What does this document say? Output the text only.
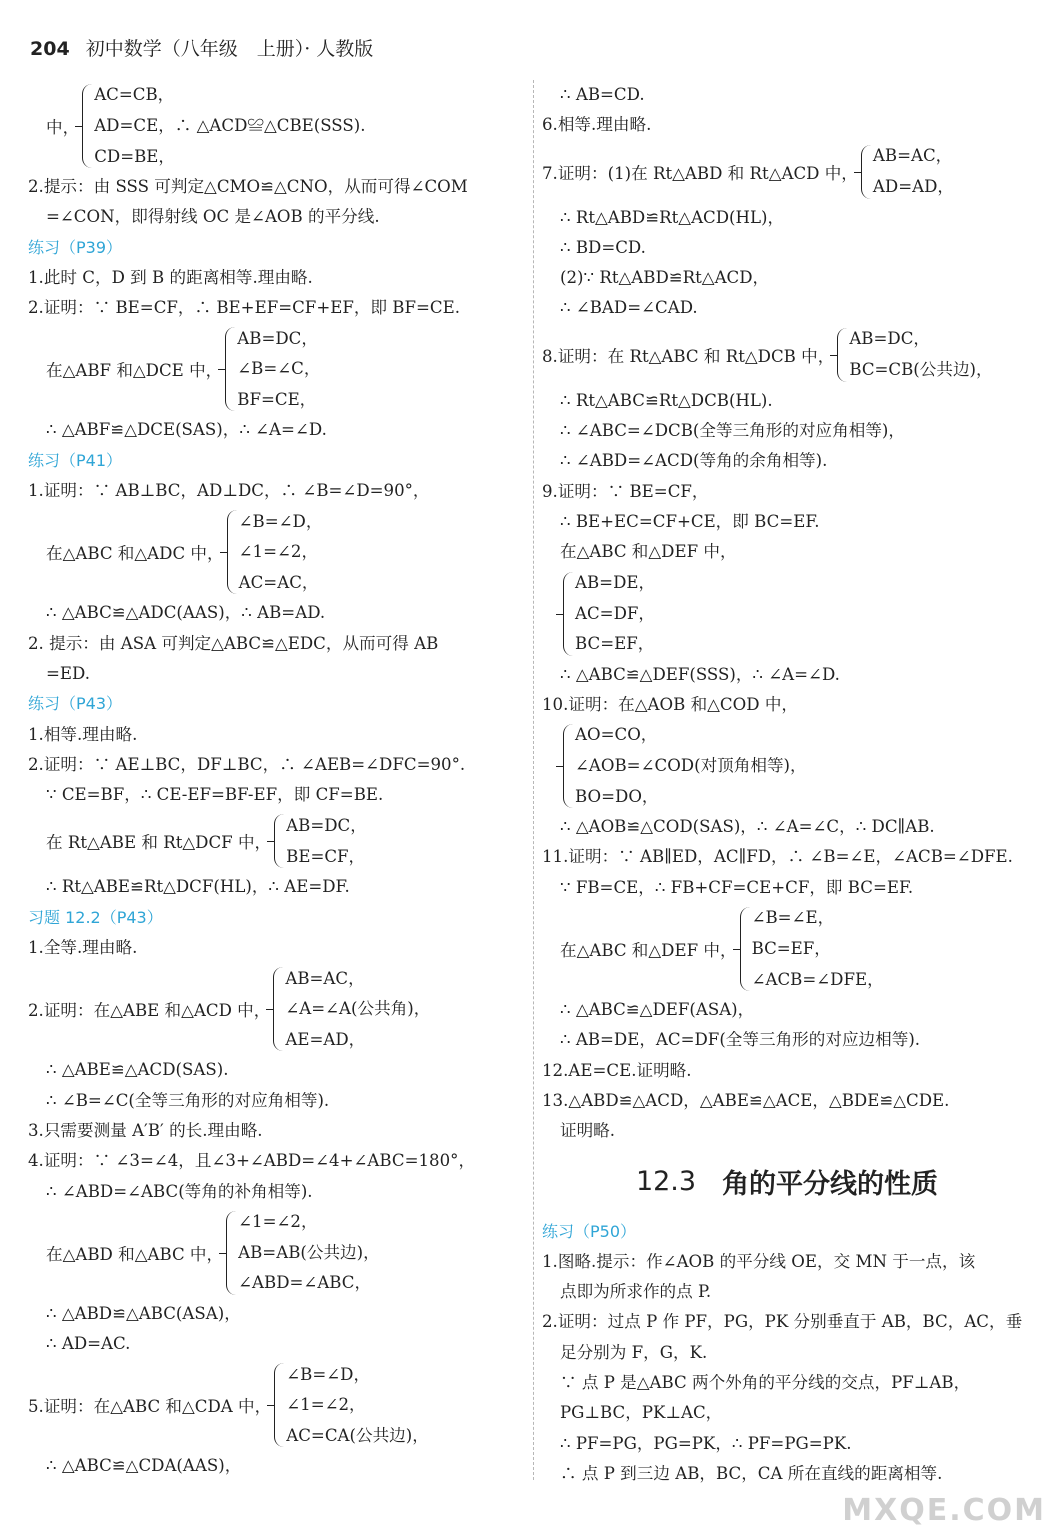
204 初中数学（八年级　上册）· 人教版
中，
AC=CB，
AD=CE，∴ △ACD≌△CBE(SSS).
CD=BE，
2.提示：由 SSS 可判定△CMO≌△CNO，从而可得∠COM
=∠CON，即得射线 OC 是∠AOB 的平分线.
练习（P39）
1.此时 C，D 到 B 的距离相等.理由略.
2.证明：∵ BE=CF，∴ BE+EF=CF+EF，即 BF=CE.
在△ABF 和△DCE 中，
AB=DC，
∠B=∠C，
BF=CE，
∴ △ABF≌△DCE(SAS)，∴ ∠A=∠D.
练习（P41）
1.证明：∵ AB⊥BC，AD⊥DC，∴ ∠B=∠D=90°，
在△ABC 和△ADC 中，
∠B=∠D，
∠1=∠2，
AC=AC，
∴ △ABC≌△ADC(AAS)，∴ AB=AD.
2. 提示：由 ASA 可判定△ABC≌△EDC，从而可得 AB
=ED.
练习（P43）
1.相等.理由略.
2.证明：∵ AE⊥BC，DF⊥BC，∴ ∠AEB=∠DFC=90°.
∵ CE=BF，∴ CE-EF=BF-EF，即 CF=BE.
在 Rt△ABE 和 Rt△DCF 中，
AB=DC，
BE=CF，
∴ Rt△ABE≌Rt△DCF(HL)，∴ AE=DF.
习题 12.2（P43）
1.全等.理由略.
2.证明：在△ABE 和△ACD 中，
AB=AC，
∠A=∠A(公共角)，
AE=AD，
∴ △ABE≌△ACD(SAS).
∴ ∠B=∠C(全等三角形的对应角相等).
3.只需要测量 A′B′ 的长.理由略.
4.证明：∵ ∠3=∠4，且∠3+∠ABD=∠4+∠ABC=180°，
∴ ∠ABD=∠ABC(等角的补角相等).
在△ABD 和△ABC 中，
∠1=∠2，
AB=AB(公共边)，
∠ABD=∠ABC，
∴ △ABD≌△ABC(ASA)，
∴ AD=AC.
5.证明：在△ABC 和△CDA 中，
∠B=∠D，
∠1=∠2，
AC=CA(公共边)，
∴ △ABC≌△CDA(AAS)，
∴ AB=CD.
6.相等.理由略.
7.证明：(1)在 Rt△ABD 和 Rt△ACD 中，
AB=AC，
AD=AD，
∴ Rt△ABD≌Rt△ACD(HL)，
∴ BD=CD.
(2)∵ Rt△ABD≌Rt△ACD，
∴ ∠BAD=∠CAD.
8.证明：在 Rt△ABC 和 Rt△DCB 中，
AB=DC，
BC=CB(公共边)，
∴ Rt△ABC≌Rt△DCB(HL).
∴ ∠ABC=∠DCB(全等三角形的对应角相等)，
∴ ∠ABD=∠ACD(等角的余角相等).
9.证明：∵ BE=CF，
∴ BE+EC=CF+CE，即 BC=EF.
在△ABC 和△DEF 中，
AB=DE，
AC=DF，
BC=EF，
∴ △ABC≌△DEF(SSS)，∴ ∠A=∠D.
10.证明：在△AOB 和△COD 中，
AO=CO，
∠AOB=∠COD(对顶角相等)，
BO=DO，
∴ △AOB≌△COD(SAS)，∴ ∠A=∠C，∴ DC∥AB.
11.证明：∵ AB∥ED，AC∥FD，∴ ∠B=∠E，∠ACB=∠DFE.
∵ FB=CE，∴ FB+CF=CE+CF，即 BC=EF.
在△ABC 和△DEF 中，
∠B=∠E，
BC=EF，
∠ACB=∠DFE，
∴ △ABC≌△DEF(ASA)，
∴ AB=DE，AC=DF(全等三角形的对应边相等).
12.AE=CE.证明略.
13.△ABD≌△ACD，△ABE≌△ACE，△BDE≌△CDE.
证明略.
12.3 角的平分线的性质
练习（P50）
1.图略.提示：作∠AOB 的平分线 OE，交 MN 于一点，该
点即为所求作的点 P.
2.证明：过点 P 作 PF，PG，PK 分别垂直于 AB，BC，AC，垂
足分别为 F，G，K.
∵ 点 P 是△ABC 两个外角的平分线的交点，PF⊥AB，
PG⊥BC，PK⊥AC，
∴ PF=PG，PG=PK，∴ PF=PG=PK.
∴ 点 P 到三边 AB，BC，CA 所在直线的距离相等.
MXQE.COM
